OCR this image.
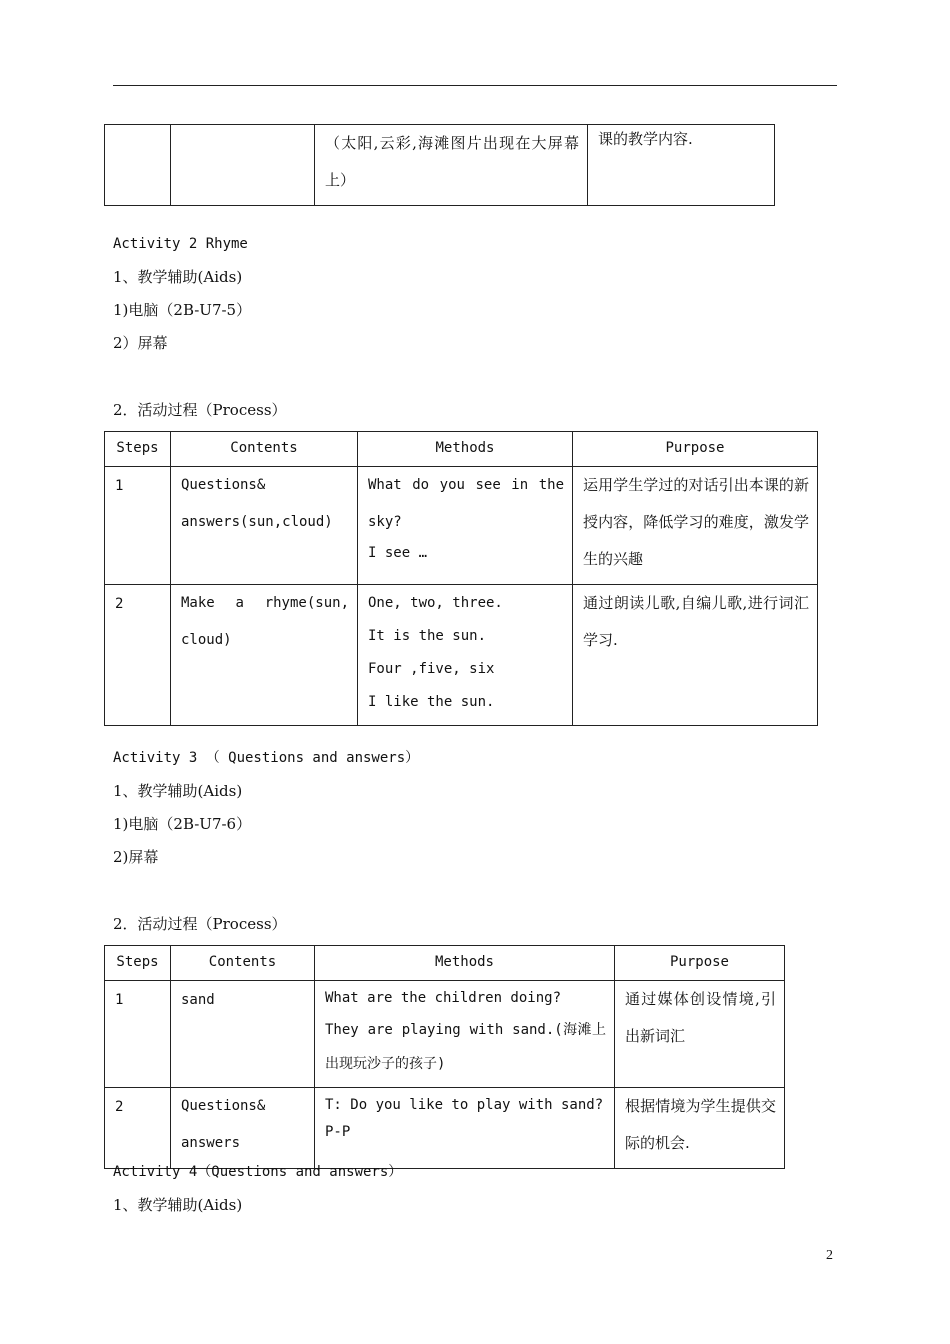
		（太阳,云彩,海滩图片出现在大屏幕上）	课的教学内容.
Activity 2 Rhyme
1、教学辅助(Aids)
1)电脑（2B-U7-5）
2）屏幕
2．活动过程（Process）
Steps	Contents	Methods	Purpose
1	Questions& answers(sun,cloud)	What do you see in the sky?
I see …	运用学生学过的对话引出本课的新授内容，降低学习的难度，激发学生的兴趣
2	Make a rhyme(sun, cloud)	One, two, three.
It is the sun.
Four ,five, six
I like the sun.	通过朗读儿歌,自编儿歌,进行词汇学习.
Activity 3 （ Questions and answers）
1、教学辅助(Aids)
1)电脑（2B-U7-6）
2)屏幕
2．活动过程（Process）
Steps	Contents	Methods	Purpose
1	sand	What are the children doing?
They are playing with sand.(海滩上出现玩沙子的孩子)	通过媒体创设情境,引出新词汇
2	Questions& answers	T: Do you like to play with sand?
P-P	根据情境为学生提供交际的机会.
Activity 4（Questions and answers）
1、教学辅助(Aids)
2
